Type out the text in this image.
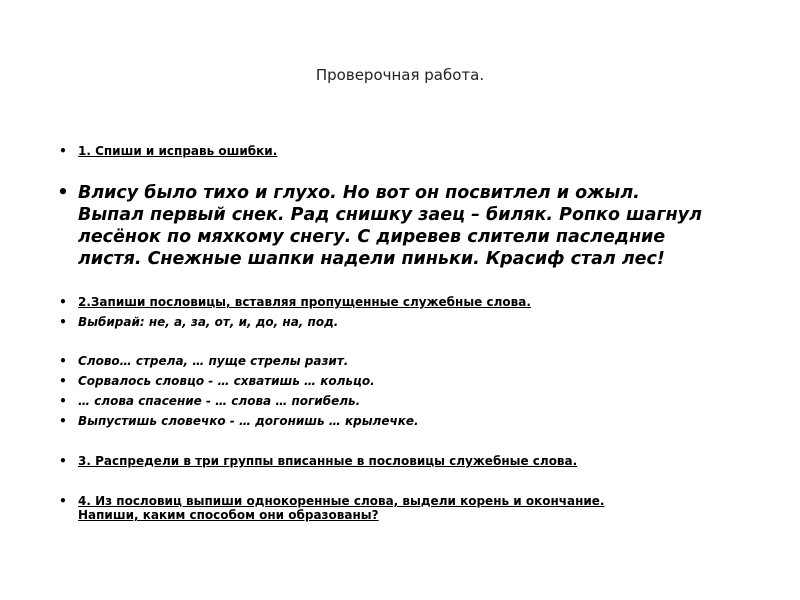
Проверочная работа.
• 1. Спиши и исправь ошибки.
• Влису было тихо и глухо. Но вот он посвитлел и ожыл.
Выпал первый снек. Рад снишку заец – биляк. Ропко шагнул
лесёнок по мяхкому снегу. С диревев слители паследние
листя. Снежные шапки надели пиньки. Красиф стал лес!
• 2.Запиши пословицы, вставляя пропущенные служебные слова.
• Выбирай: не, а, за, от, и, до, на, под.
• Слово… стрела, … пуще стрелы разит.
• Сорвалось словцо - … схватишь … кольцо.
• … слова спасение - … слова … погибель.
• Выпустишь словечко - … догонишь … крылечке.
• 3. Распредели в три группы вписанные в пословицы служебные слова.
• 4. Из пословиц выпиши однокоренные слова, выдели корень и окончание.
Напиши, каким способом они образованы?
